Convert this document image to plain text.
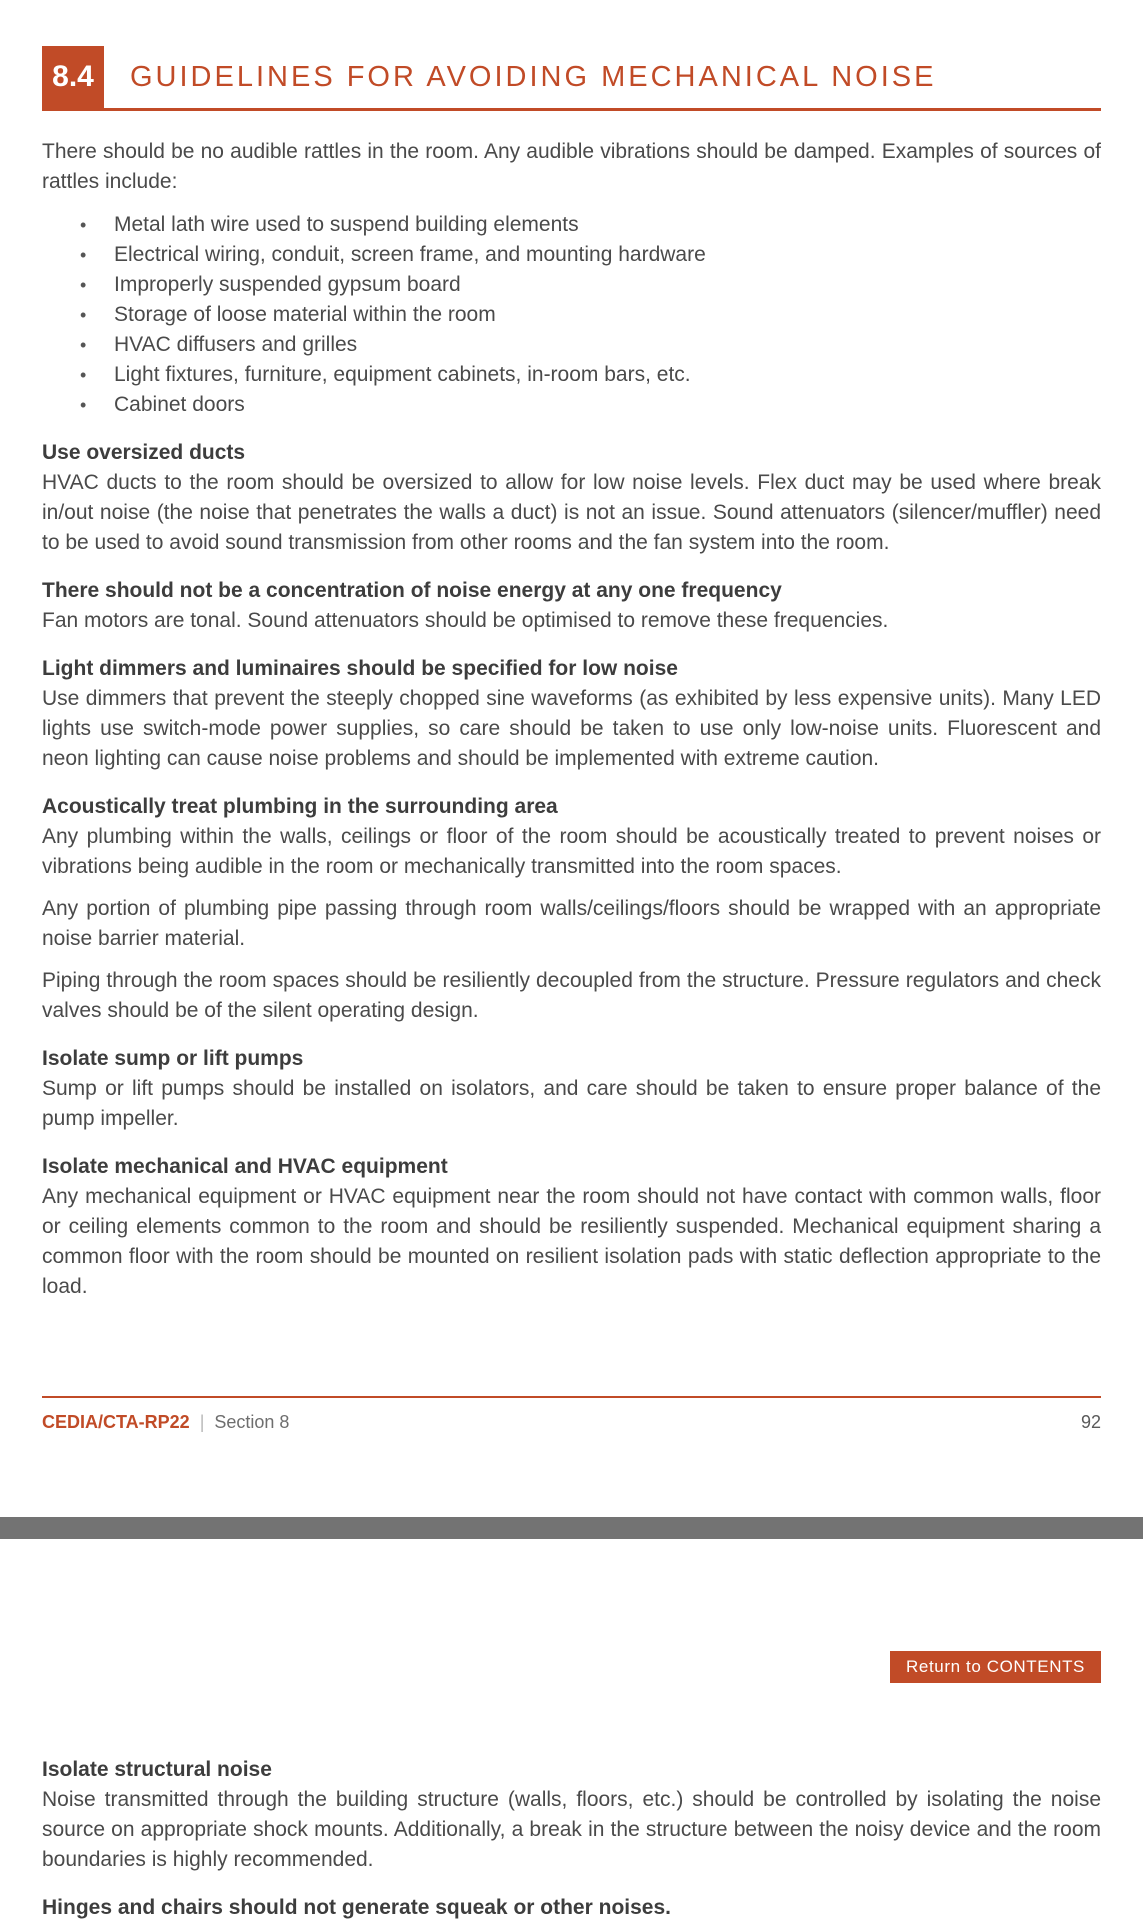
8.4	GUIDELINES FOR AVOIDING MECHANICAL NOISE

There should be no audible rattles in the room. Any audible vibrations should be damped. Examples of sources of rattles include:

• Metal lath wire used to suspend building elements
• Electrical wiring, conduit, screen frame, and mounting hardware
• Improperly suspended gypsum board
• Storage of loose material within the room
• HVAC diffusers and grilles
• Light fixtures, furniture, equipment cabinets, in-room bars, etc.
• Cabinet doors
Use oversized ducts

HVAC ducts to the room should be oversized to allow for low noise levels. Flex duct may be used where break in/out noise (the noise that penetrates the walls a duct) is not an issue. Sound attenuators (silencer/muffler) need to be used to avoid sound transmission from other rooms and the fan system into the room.

There should not be a concentration of noise energy at any one frequency

Fan motors are tonal. Sound attenuators should be optimised to remove these frequencies.

Light dimmers and luminaires should be specified for low noise

Use dimmers that prevent the steeply chopped sine waveforms (as exhibited by less expensive units). Many LED lights use switch-mode power supplies, so care should be taken to use only low-noise units. Fluorescent and neon lighting can cause noise problems and should be implemented with extreme caution.

Acoustically treat plumbing in the surrounding area

Any plumbing within the walls, ceilings or floor of the room should be acoustically treated to prevent noises or vibrations being audible in the room or mechanically transmitted into the room spaces.

Any portion of plumbing pipe passing through room walls/ceilings/floors should be wrapped with an appropriate noise barrier material.

Piping through the room spaces should be resiliently decoupled from the structure. Pressure regulators and check valves should be of the silent operating design.

Isolate sump or lift pumps

Sump or lift pumps should be installed on isolators, and care should be taken to ensure proper balance of the pump impeller.

Isolate mechanical and HVAC equipment

Any mechanical equipment or HVAC equipment near the room should not have contact with common walls, floor or ceiling elements common to the room and should be resiliently suspended. Mechanical equipment sharing a common floor with the room should be mounted on resilient isolation pads with static deflection appropriate to the load.

CEDIA/CTA-RP22 | Section 8	92
Return to CONTENTS
Isolate structural noise

Noise transmitted through the building structure (walls, floors, etc.) should be controlled by isolating the noise source on appropriate shock mounts. Additionally, a break in the structure between the noisy device and the room boundaries is highly recommended.

Hinges and chairs should not generate squeak or other noises.
